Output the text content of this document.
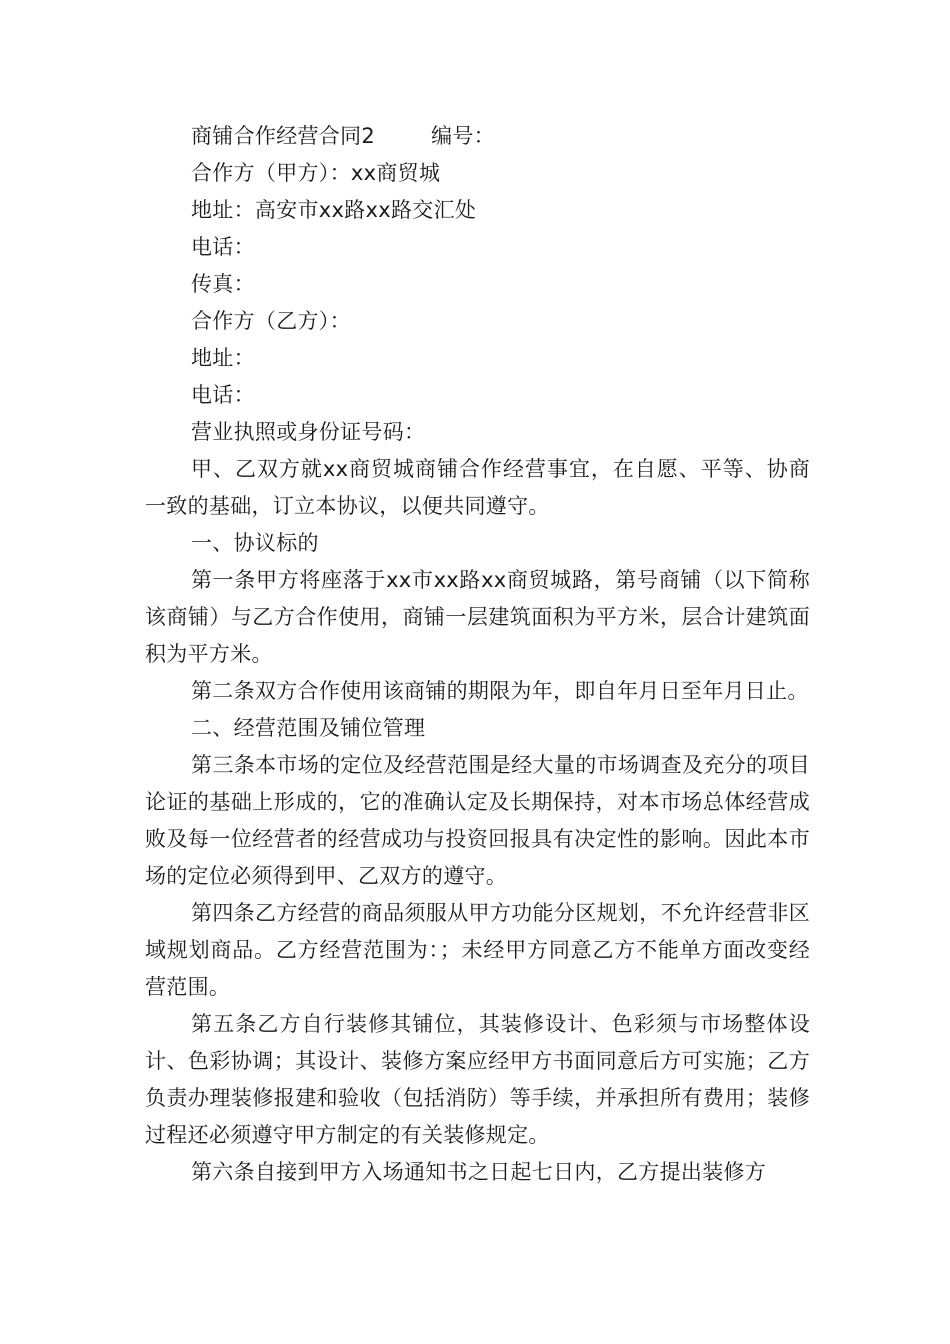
商铺合作经营合同2	编号：

合作方（甲方）：xx商贸城

地址：高安市xx路xx路交汇处

电话：

传真：

合作方（乙方）：

地址：

电话：

营业执照或身份证号码：

甲、乙双方就xx商贸城商铺合作经营事宜，在自愿、平等、协商一致的基础，订立本协议，以便共同遵守。

一、协议标的

第一条甲方将座落于xx市xx路xx商贸城路，第号商铺（以下简称该商铺）与乙方合作使用，商铺一层建筑面积为平方米，层合计建筑面积为平方米。

第二条双方合作使用该商铺的期限为年，即自年月日至年月日止。

二、经营范围及铺位管理

第三条本市场的定位及经营范围是经大量的市场调查及充分的项目论证的基础上形成的，它的准确认定及长期保持，对本市场总体经营成败及每一位经营者的经营成功与投资回报具有决定性的影响。因此本市场的定位必须得到甲、乙双方的遵守。

第四条乙方经营的商品须服从甲方功能分区规划，不允许经营非区域规划商品。乙方经营范围为：；未经甲方同意乙方不能单方面改变经营范围。

第五条乙方自行装修其铺位，其装修设计、色彩须与市场整体设计、色彩协调；其设计、装修方案应经甲方书面同意后方可实施；乙方负责办理装修报建和验收（包括消防）等手续，并承担所有费用；装修过程还必须遵守甲方制定的有关装修规定。

第六条自接到甲方入场通知书之日起七日内，乙方提出装修方
